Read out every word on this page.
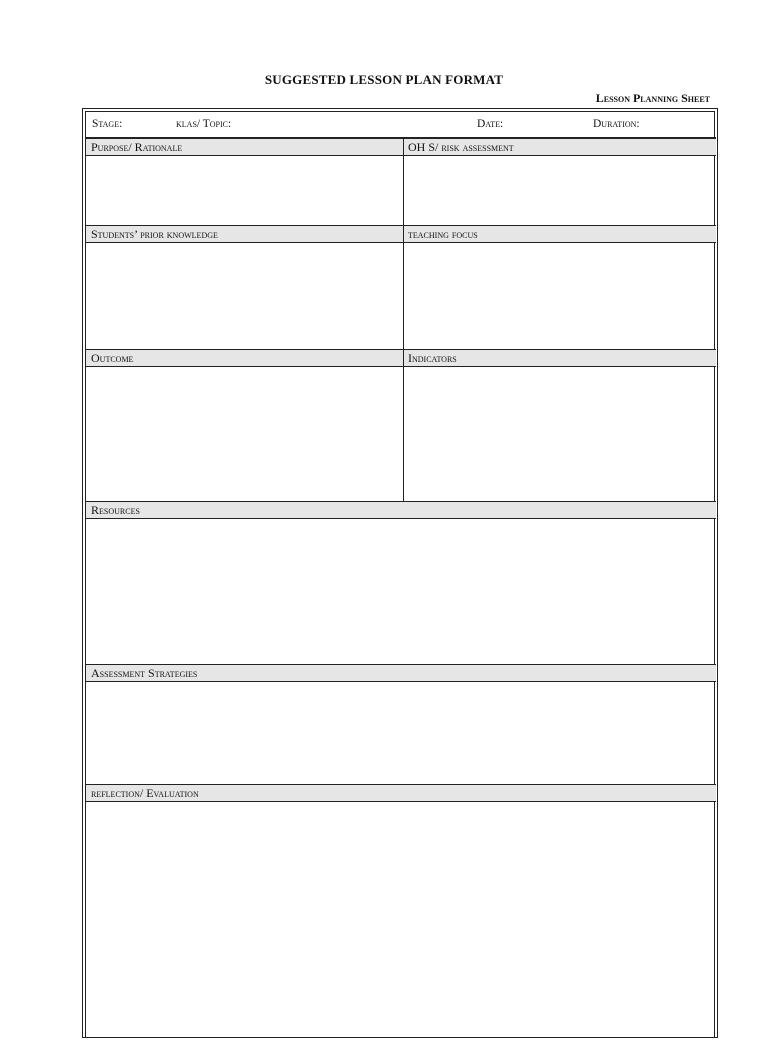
SUGGESTED LESSON PLAN FORMAT
Lesson Planning Sheet
Stage:	klas/ Topic:	Date:	Duration:
Purpose/ Rationale	OH S/ risk assessment
Students’ prior knowledge	teaching focus
Outcome	Indicators
Resources
Assessment Strategies
reflection/ Evaluation
